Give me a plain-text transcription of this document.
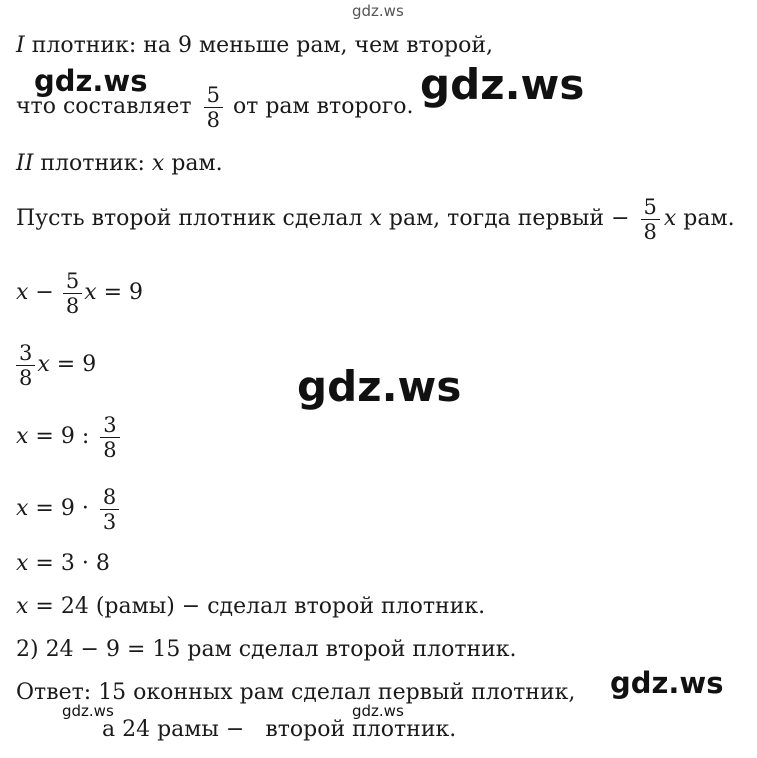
gdz.ws
gdz.ws	gdz.ws
gdz.ws
gdz.ws
gdz.ws	gdz.ws
I плотник: на 9 меньше рам, чем второй,
что составляет $\frac{5}{8}$ от рам второго.
II плотник: x рам.
Пусть второй плотник сделал x рам, тогда первый − $\frac{5}{8}$ x рам.
$x - \frac{5}{8}$ x = 9
$\frac{3}{8}$ x = 9
x = 9 : $\frac{3}{8}$
$x = 9 \cdot \frac{8}{3}$
x = 3 · 8
x = 24 (рамы) − сделал второй плотник.
2) 24 − 9 = 15 рам сделал второй плотник.
Ответ: 15 оконных рам сделал первый плотник,
а 24 рамы −   второй плотник.
